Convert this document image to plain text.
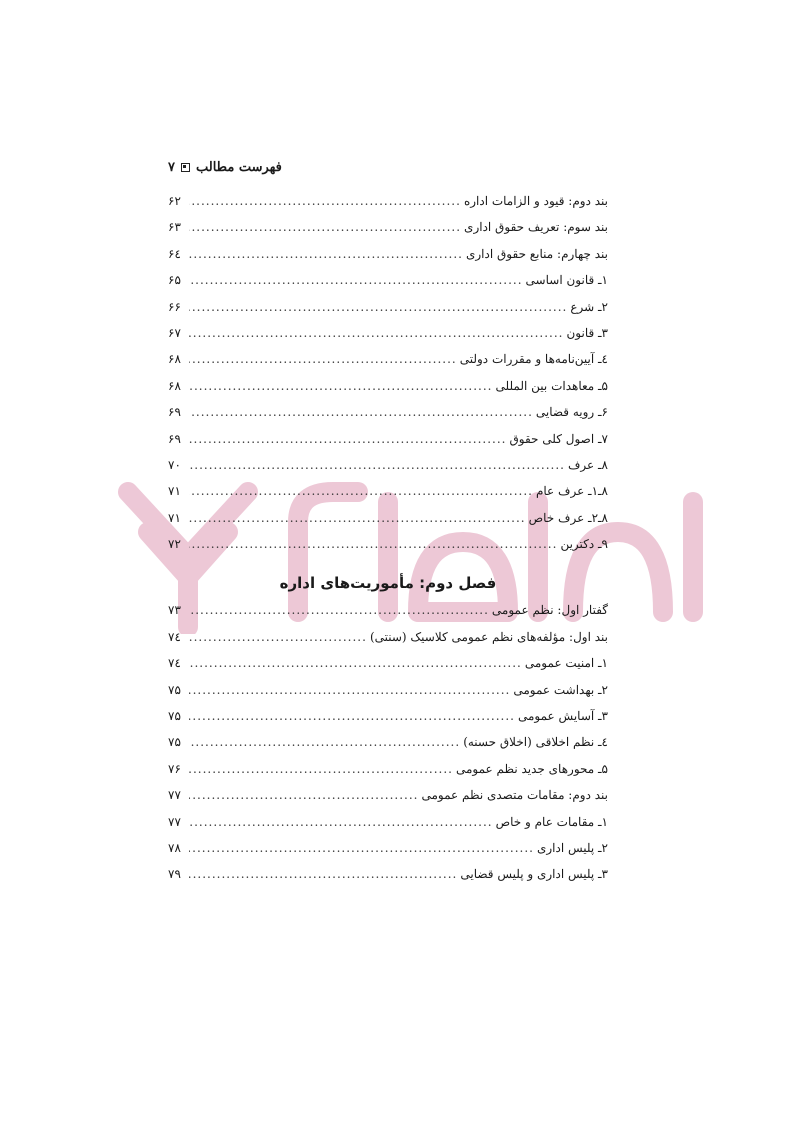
فهرست مطالب
۷
بند دوم: قیود و الزامات اداره
.....
۶۲
بند سوم: تعریف حقوق اداری
.....
۶۳
بند چهارم: منابع حقوق اداری
.....
۶٤
۱ـ قانون اساسی
.....
۶۵
۲ـ شرع
.....
۶۶
۳ـ قانون
.....
۶۷
٤ـ آیین‌نامه‌ها و مقررات دولتی
.....
۶۸
۵ـ معاهدات بین المللی
.....
۶۸
۶ـ رویه قضایی
.....
۶۹
۷ـ اصول کلی حقوق
.....
۶۹
۸ـ عرف
.....
۷۰
۸ـ۱ـ عرف عام
.....
۷۱
۸ـ۲ـ عرف خاص
.....
۷۱
۹ـ دکترین
.....
۷۲
فصل دوم: مأموریت‌های اداره
گفتار اول: نظم عمومی
.....
۷۳
بند اول: مؤلفه‌های نظم عمومی کلاسیک (سنتی)
.....
۷٤
۱ـ امنیت عمومی
.....
۷٤
۲ـ بهداشت عمومی
.....
۷۵
۳ـ آسایش عمومی
.....
۷۵
٤ـ نظم اخلاقی (اخلاق حسنه)
.....
۷۵
۵ـ محورهای جدید نظم عمومی
.....
۷۶
بند دوم: مقامات متصدی نظم عمومی
.....
۷۷
۱ـ مقامات عام و خاص
.....
۷۷
۲ـ پلیس اداری
.....
۷۸
۳ـ پلیس اداری و پلیس قضایی
.....
۷۹
